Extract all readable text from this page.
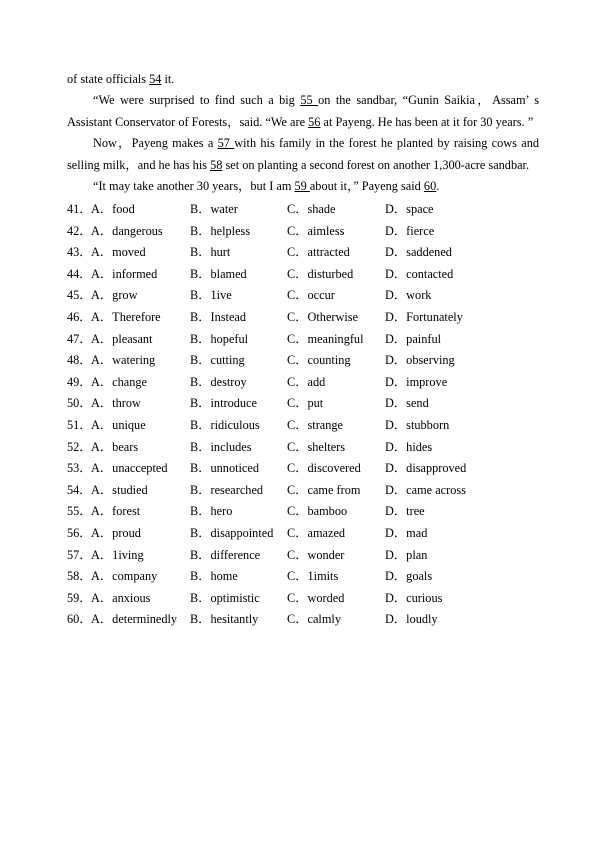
of state officials 54 it.

“We were surprised to find such a big 55 on the sandbar, “Gunin Saikia，Assam’ s Assistant Conservator of Forests，said. “We are 56 at Payeng. He has been at it for 30 years. ”

Now，Payeng makes a 57 with his family in the forest he planted by raising cows and selling milk，and he has his 58 set on planting a second forest on another 1,300-acre sandbar.

“It may take another 30 years，but I am 59 about it，” Payeng said 60.

41． A．food	B．water	C．shade	D．space
42． A．dangerous B．helpless	C．aimless	D．fierce
43． A．moved	B．hurt	C．attracted	D．saddened
44． A．informed	B．blamed	C．disturbed	D．contacted
45． A．grow	B．1ive	C．occur	D．work
46． A．Therefore B．Instead	C．Otherwise D．Fortunately
47． A．pleasant	B．hopeful	C．meaningful D．painful
48． A．watering	B．cutting	C．counting	D．observing
49． A．change	B．destroy	C．add	D．improve
50． A．throw	B．introduce C．put	D．send
51． A．unique	B．ridiculous C．strange	D．stubborn
52． A．bears	B．includes	C．shelters	D．hides
53． A．unaccepted B．unnoticed C．discovered D．disapproved
54． A．studied	B．researched C．came from D．came across
55． A．forest	B．hero	C．bamboo	D．tree
56． A．proud	B．disappointed C．amazed	D．mad
57． A．1iving	B．difference C．wonder	D．plan
58． A．company	B．home	C．1imits	D．goals
59． A．anxious	B．optimistic C．worded	D．curious
60． A．determinedly B．hesitantly C．calmly	D．loudly
